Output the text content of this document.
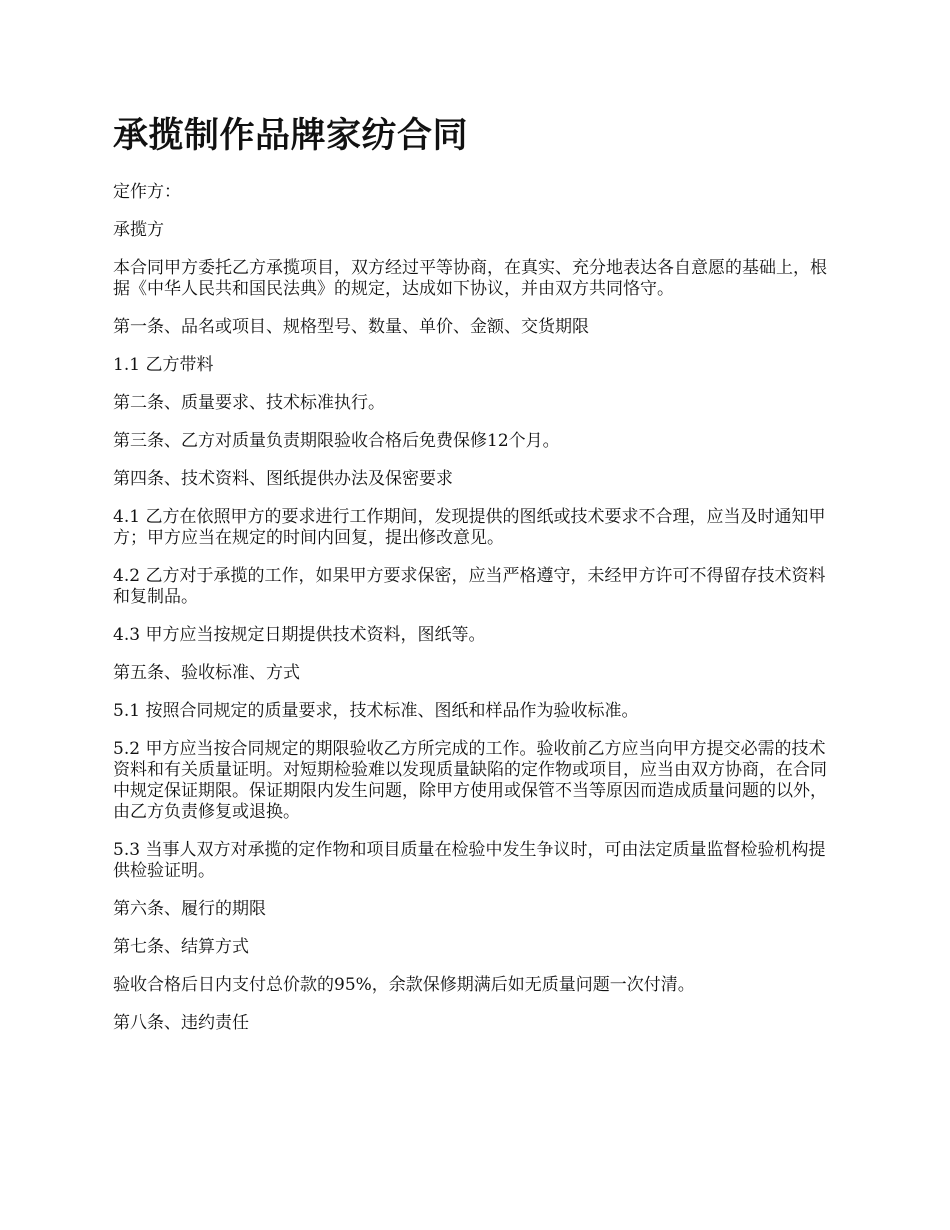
承揽制作品牌家纺合同

定作方：

承揽方

本合同甲方委托乙方承揽项目，双方经过平等协商，在真实、充分地表达各自意愿的基础上，根据《中华人民共和国民法典》的规定，达成如下协议，并由双方共同恪守。

第一条、品名或项目、规格型号、数量、单价、金额、交货期限

1.1 乙方带料

第二条、质量要求、技术标准执行。

第三条、乙方对质量负责期限验收合格后免费保修12个月。

第四条、技术资料、图纸提供办法及保密要求

4.1 乙方在依照甲方的要求进行工作期间，发现提供的图纸或技术要求不合理，应当及时通知甲方；甲方应当在规定的时间内回复，提出修改意见。

4.2 乙方对于承揽的工作，如果甲方要求保密，应当严格遵守，未经甲方许可不得留存技术资料和复制品。

4.3 甲方应当按规定日期提供技术资料，图纸等。

第五条、验收标准、方式

5.1 按照合同规定的质量要求，技术标准、图纸和样品作为验收标准。

5.2 甲方应当按合同规定的期限验收乙方所完成的工作。验收前乙方应当向甲方提交必需的技术资料和有关质量证明。对短期检验难以发现质量缺陷的定作物或项目，应当由双方协商，在合同中规定保证期限。保证期限内发生问题，除甲方使用或保管不当等原因而造成质量问题的以外，由乙方负责修复或退换。

5.3 当事人双方对承揽的定作物和项目质量在检验中发生争议时，可由法定质量监督检验机构提供检验证明。

第六条、履行的期限

第七条、结算方式

验收合格后日内支付总价款的95%，余款保修期满后如无质量问题一次付清。

第八条、违约责任
